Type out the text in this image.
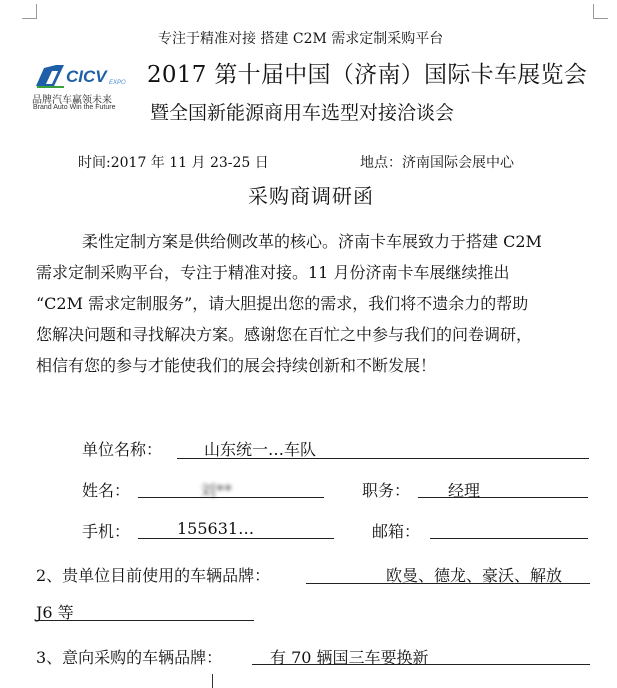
CICV EXPO
品牌汽车赢领未来
Brand Auto Win the Future
专注于精准对接 搭建 C2M 需求定制采购平台
2017 第十届中国（济南）国际卡车展览会
暨全国新能源商用车选型对接洽谈会
时间:2017 年 11 月 23-25 日	地点：济南国际会展中心
采购商调研函

柔性定制方案是供给侧改革的核心。济南卡车展致力于搭建 C2M

需求定制采购平台，专注于精准对接。11 月份济南卡车展继续推出

“C2M 需求定制服务”，请大胆提出您的需求，我们将不遗余力的帮助

您解决问题和寻找解决方案。感谢您在百忙之中参与我们的问卷调研，

相信有您的参与才能使我们的展会持续创新和不断发展！

单位名称：	山东统一…车队
姓名：	刘**	职务： 经理
手机：	155631…	邮箱：
2、贵单位目前使用的车辆品牌：	欧曼、德龙、豪沃、解放
J6 等
3、意向采购的车辆品牌：	有 70 辆国三车要换新
